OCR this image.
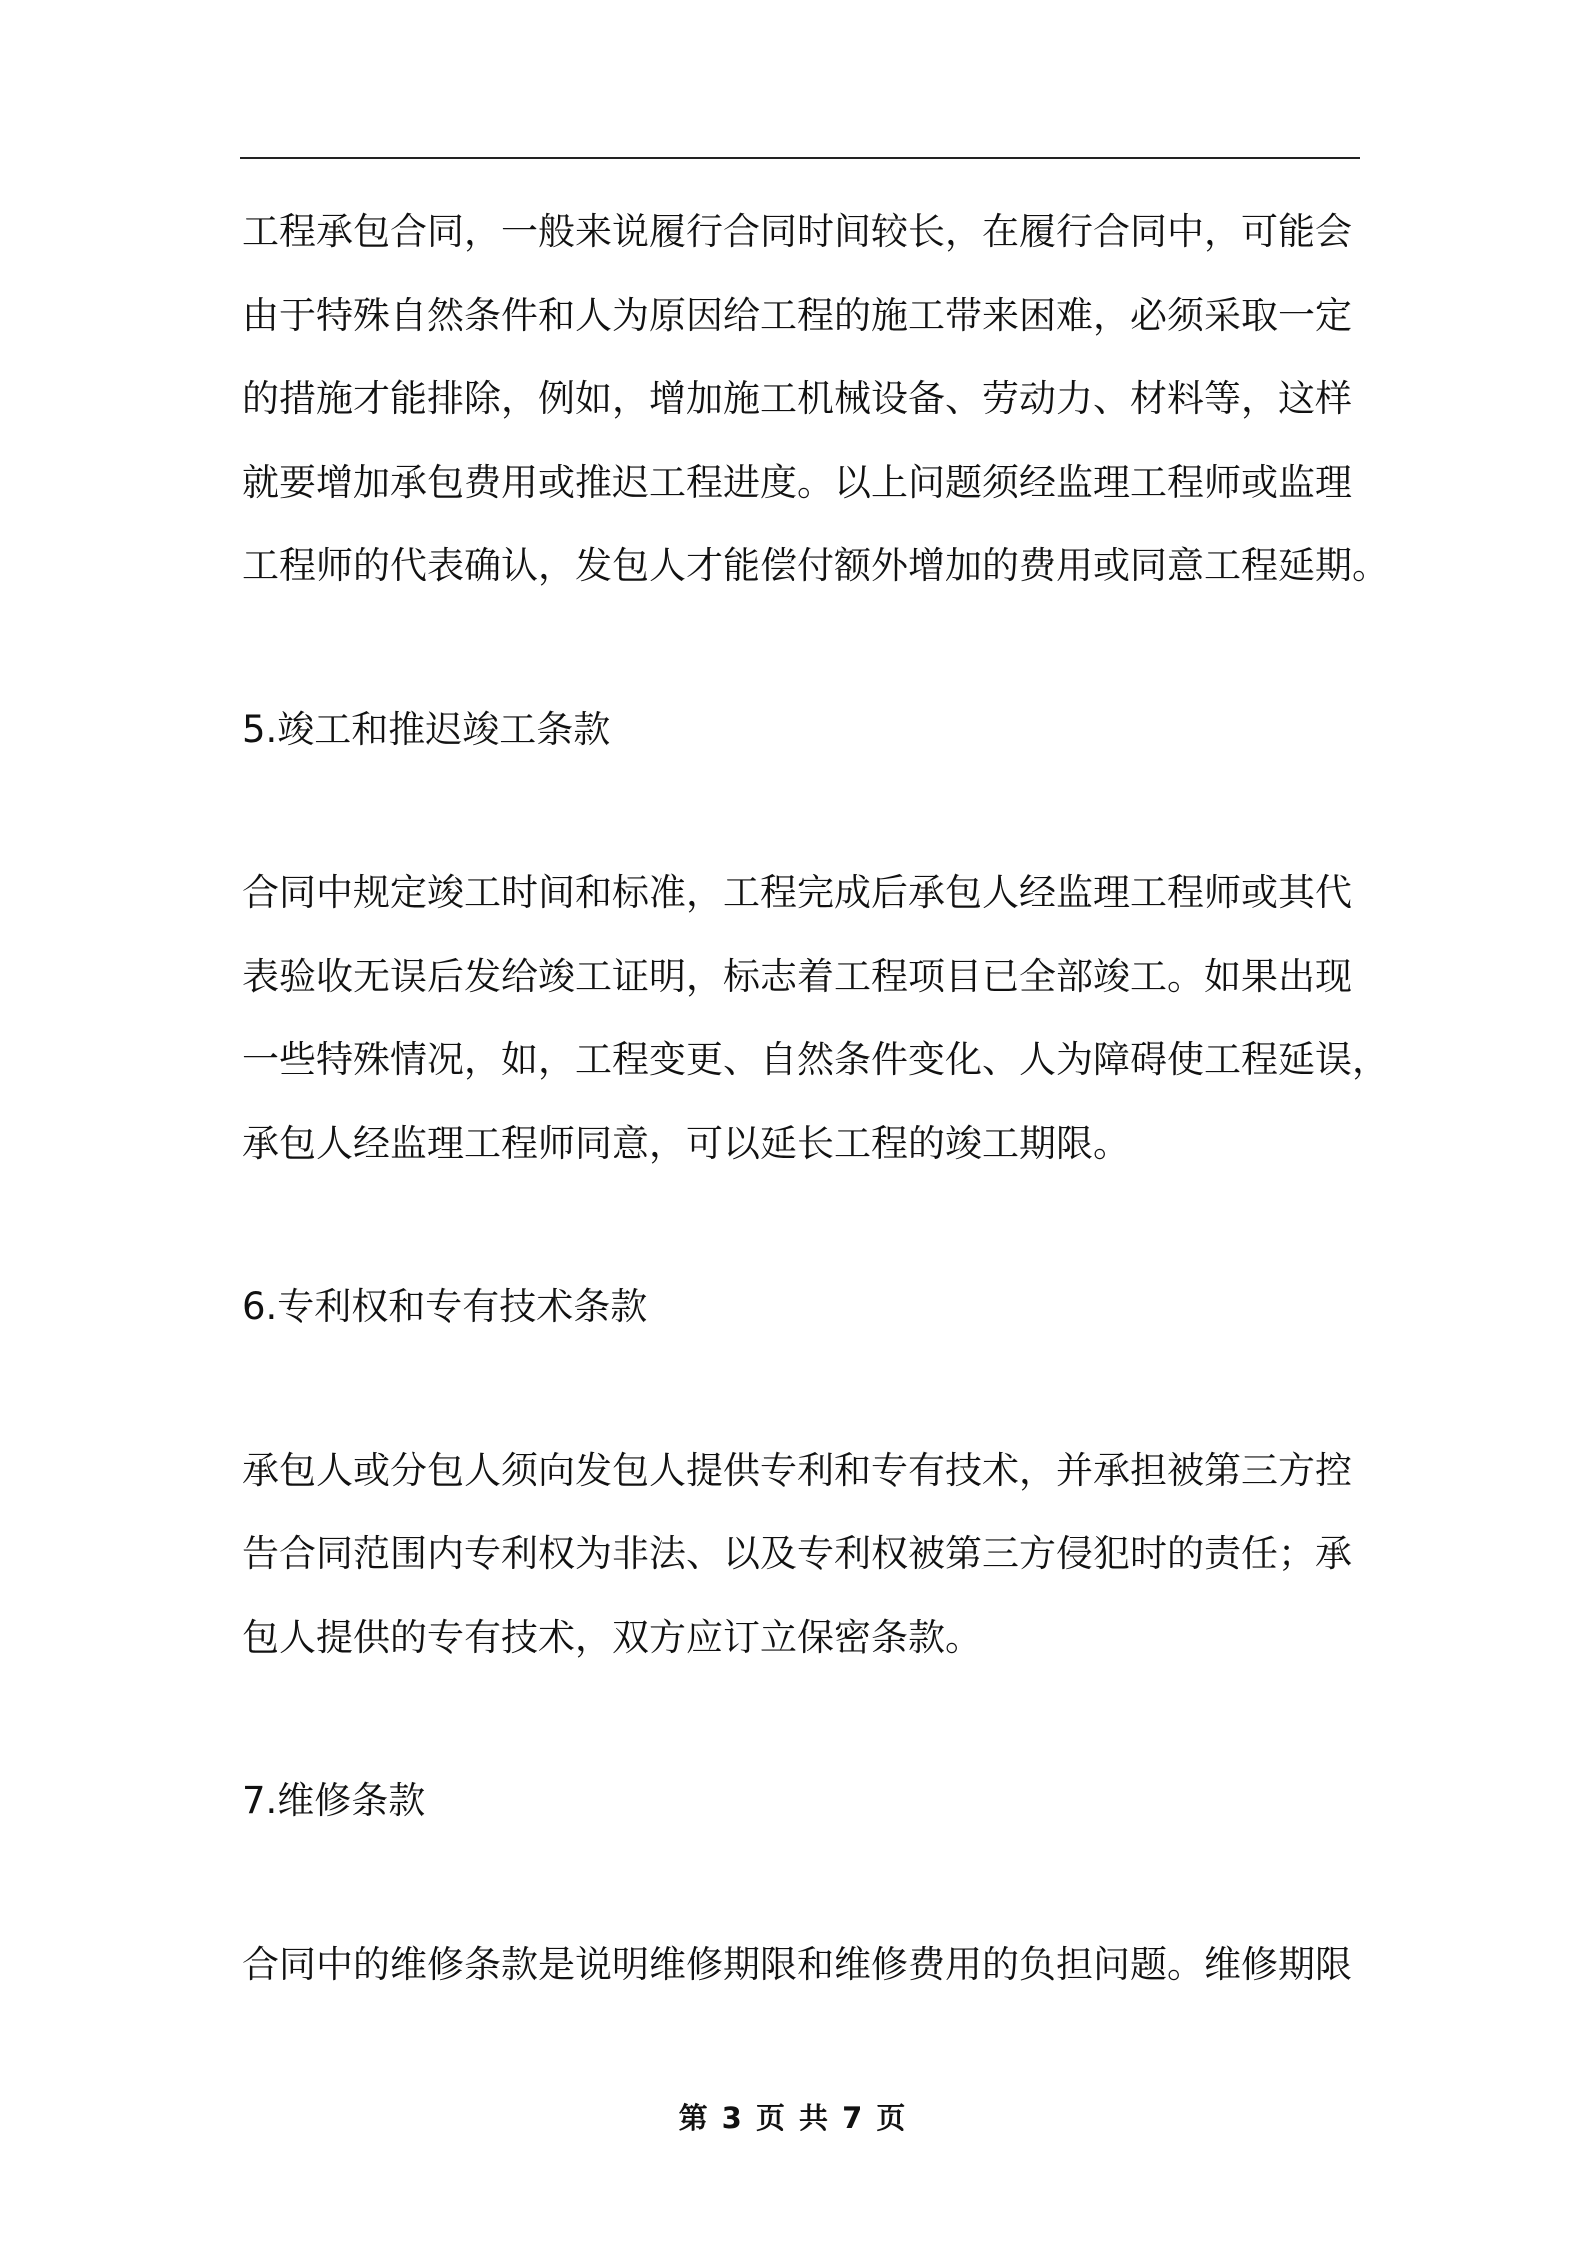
工程承包合同，一般来说履行合同时间较长，在履行合同中，可能会
由于特殊自然条件和人为原因给工程的施工带来困难，必须采取一定
的措施才能排除，例如，增加施工机械设备、劳动力、材料等，这样
就要增加承包费用或推迟工程进度。以上问题须经监理工程师或监理
工程师的代表确认，发包人才能偿付额外增加的费用或同意工程延期。
5.竣工和推迟竣工条款
合同中规定竣工时间和标准，工程完成后承包人经监理工程师或其代
表验收无误后发给竣工证明，标志着工程项目已全部竣工。如果出现
一些特殊情况，如，工程变更、自然条件变化、人为障碍使工程延误，
承包人经监理工程师同意，可以延长工程的竣工期限。
6.专利权和专有技术条款
承包人或分包人须向发包人提供专利和专有技术，并承担被第三方控
告合同范围内专利权为非法、以及专利权被第三方侵犯时的责任；承
包人提供的专有技术，双方应订立保密条款。
7.维修条款
合同中的维修条款是说明维修期限和维修费用的负担问题。维修期限
第 3 页 共 7 页
